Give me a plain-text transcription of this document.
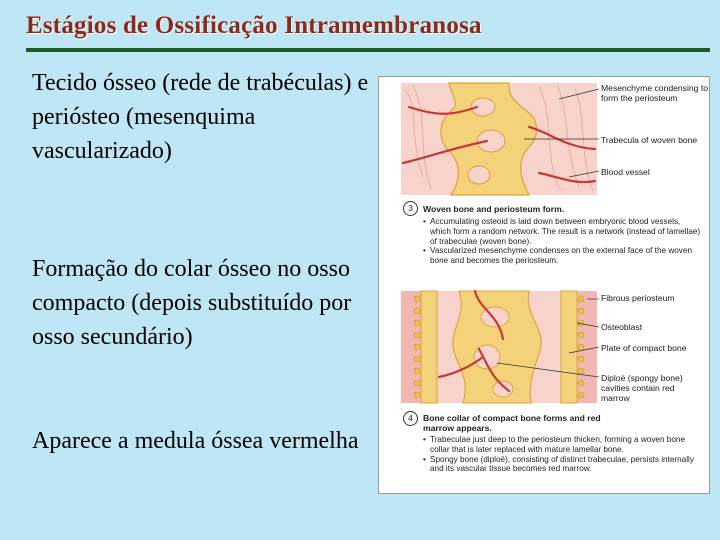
Estágios de Ossificação Intramembranosa
Tecido ósseo (rede de trabéculas) e periósteo (mesenquima vascularizado)
Formação do colar ósseo no osso compacto (depois substituído por osso secundário)
Aparece a medula óssea vermelha
Mesenchyme condensing to form the periosteum
Trabecula of woven bone
Blood vessel
3	Woven bone and periosteum form.
• Accumulating osteoid is laid down between embryonic blood vessels, which form a random network. The result is a network (instead of lamellae) of trabeculae (woven bone).
• Vascularized mesenchyme condenses on the external face of the woven bone and becomes the periosteum.
Fibrous periosteum
Osteoblast
Plate of compact bone
Diploë (spongy bone) cavities contain red marrow
4	Bone collar of compact bone forms and red marrow appears.
• Trabeculae just deep to the periosteum thicken, forming a woven bone collar that is later replaced with mature lamellar bone.
• Spongy bone (diploë), consisting of distinct trabeculae, persists internally and its vascular tissue becomes red marrow.
